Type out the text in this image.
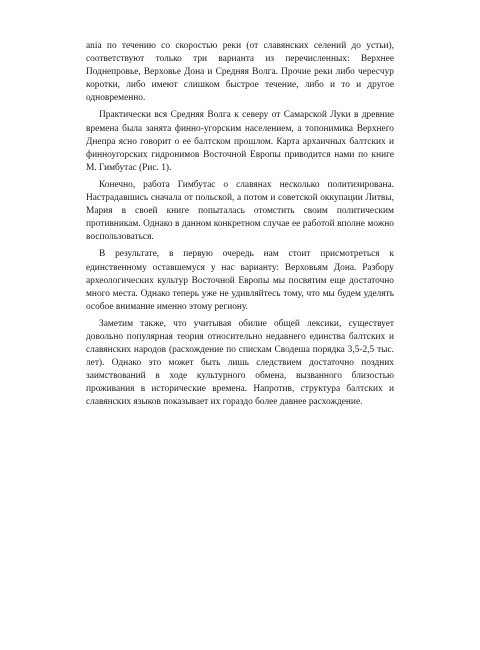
ania по течению со скоростью реки (от славянских селений до устьи), соответствуют только три варианта из перечисленных: Верхнее Поднепровье, Верховье Дона и Средняя Волга. Прочие реки либо чересчур коротки, либо имеют слишком быстрое течение, либо и то и другое одновременно.

Практически вся Средняя Волга к северу от Самарской Луки в древние времена была занята финно-угорским населением, а топонимика Верхнего Днепра ясно говорит о ее балтском прошлом. Карта архаичных балтских и финноугорских гидронимов Восточной Европы приводится нами по книге М. Гимбутас (Рис. 1).

Конечно, работа Гимбутас о славянах несколько политизирована. Настрадавшись сначала от польской, а потом и советской оккупации Литвы, Мария в своей книге попыталась отомстить своим политическим противникам. Однако в данном конкретном случае ее работой вполне можно воспользоваться.

В результате, в первую очередь нам стоит присмотреться к единственному оставшемуся у нас варианту: Верховьям Дона. Разбору археологических культур Восточной Европы мы посвятим еще достаточно много места. Однако теперь уже не удивляйтесь тому, что мы будем уделять особое внимание именно этому региону.

Заметим также, что учитывая обилие общей лексики, существует довольно популярная теория относительно недавнего единства балтских и славянских народов (расхождение по спискам Сводеша порядка 3,5-2,5 тыс. лет). Однако это может быть лишь следствием достаточно поздних заимствований в ходе культурного обмена, вызванного близостью проживания в исторические времена. Напротив, структура балтских и славянских языков показывает их гораздо более давнее расхождение.
